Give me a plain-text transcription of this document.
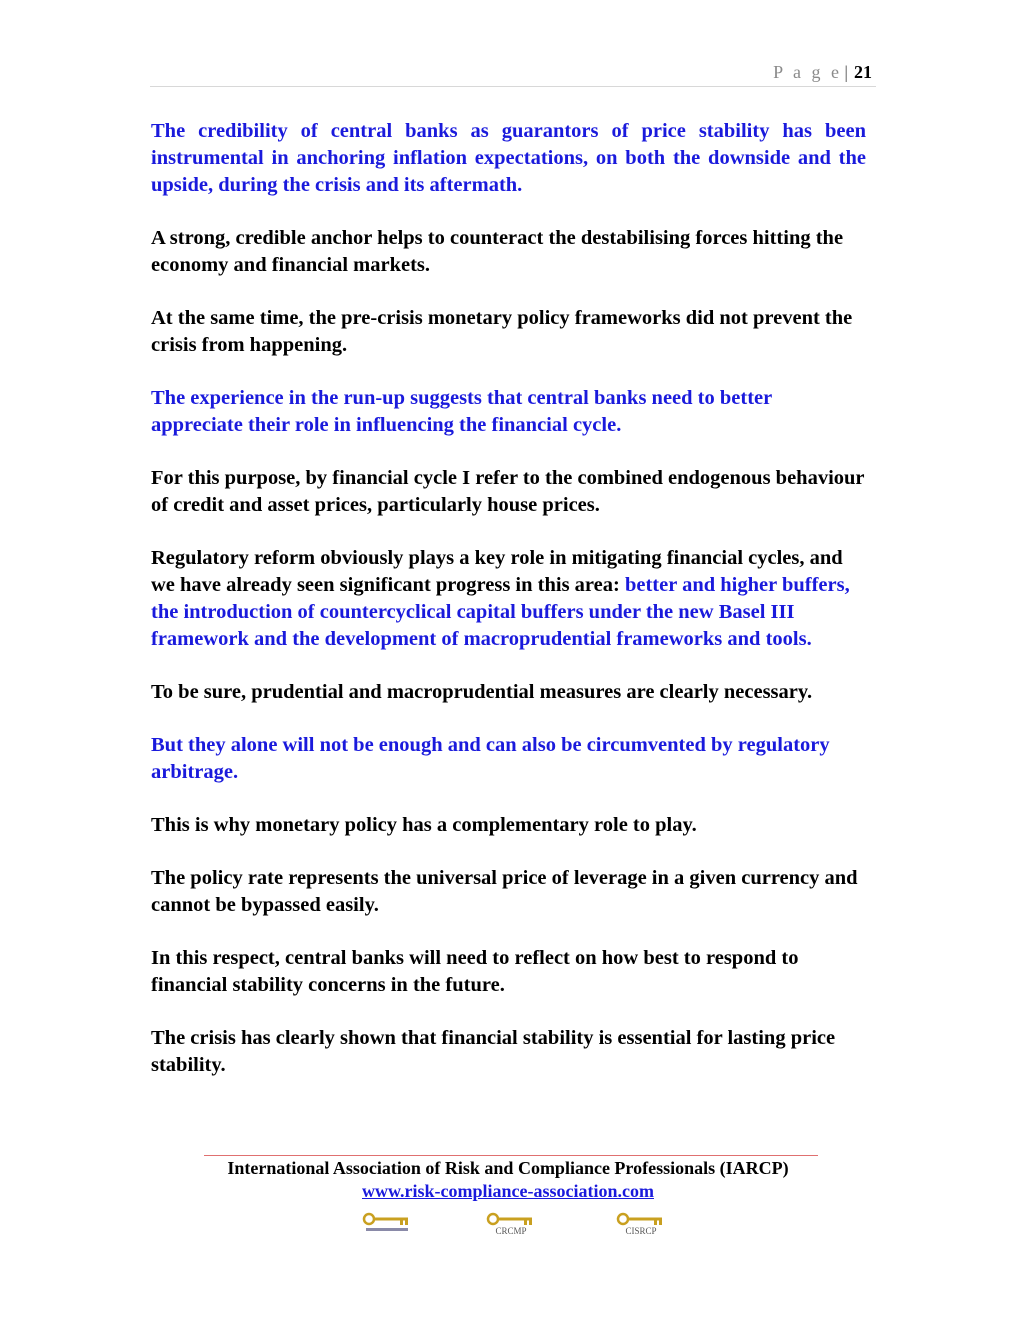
P a g e | 21

The credibility of central banks as guarantors of price stability has been instrumental in anchoring inflation expectations, on both the downside and the upside, during the crisis and its aftermath.

A strong, credible anchor helps to counteract the destabilising forces hitting the economy and financial markets.

At the same time, the pre-crisis monetary policy frameworks did not prevent the crisis from happening.

The experience in the run-up suggests that central banks need to better appreciate their role in influencing the financial cycle.

For this purpose, by financial cycle I refer to the combined endogenous behaviour of credit and asset prices, particularly house prices.

Regulatory reform obviously plays a key role in mitigating financial cycles, and we have already seen significant progress in this area: better and higher buffers, the introduction of countercyclical capital buffers under the new Basel III framework and the development of macroprudential frameworks and tools.

To be sure, prudential and macroprudential measures are clearly necessary.

But they alone will not be enough and can also be circumvented by regulatory arbitrage.

This is why monetary policy has a complementary role to play.

The policy rate represents the universal price of leverage in a given currency and cannot be bypassed easily.

In this respect, central banks will need to reflect on how best to respond to financial stability concerns in the future.

The crisis has clearly shown that financial stability is essential for lasting price stability.

International Association of Risk and Compliance Professionals (IARCP)
www.risk-compliance-association.com
CRCMP	CISRCP
